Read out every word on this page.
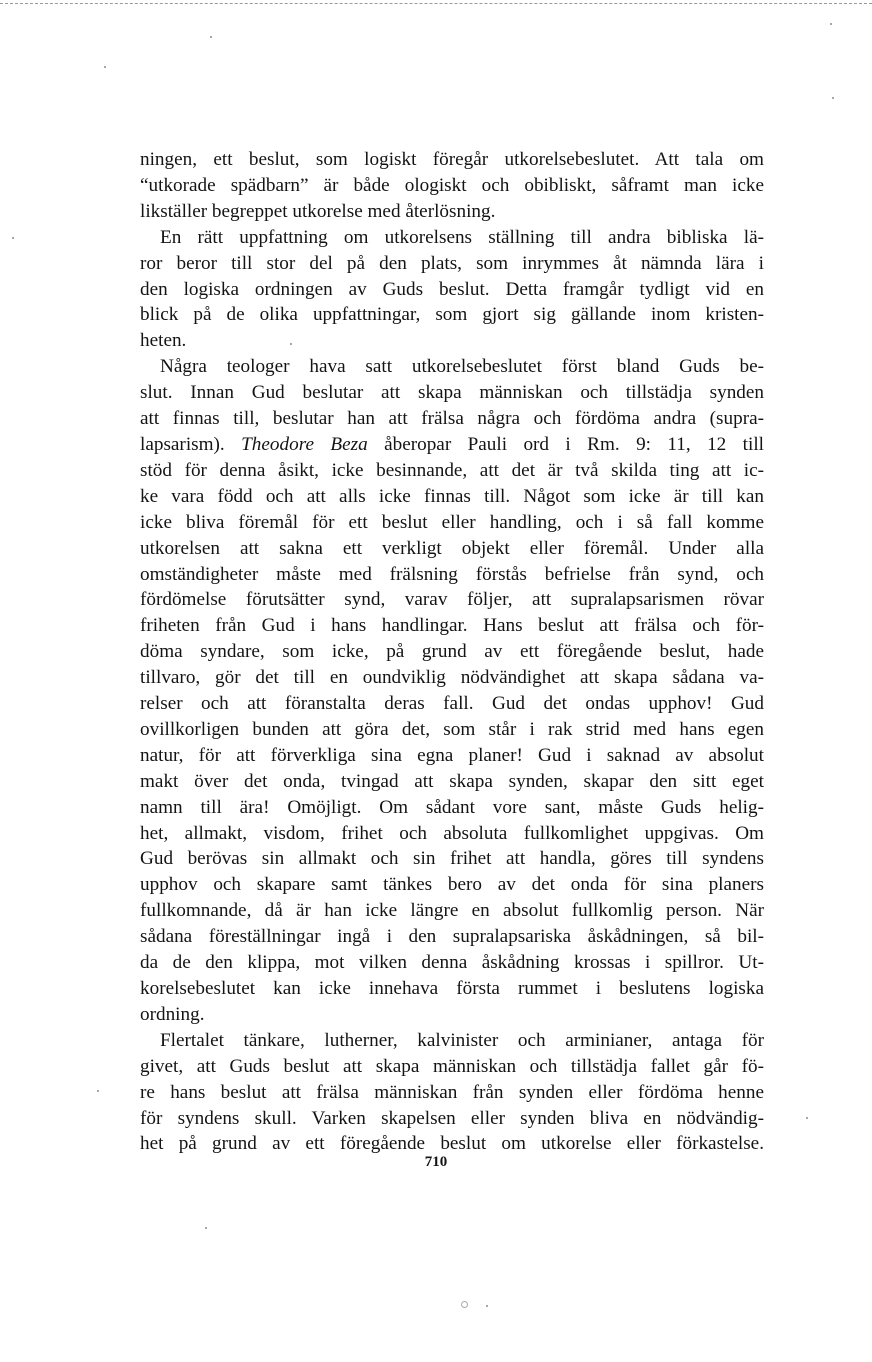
ningen, ett beslut, som logiskt föregår utkorelsebeslutet. Att tala om
“utkorade spädbarn” är både ologiskt och obibliskt, såframt man icke
likställer begreppet utkorelse med återlösning.
En rätt uppfattning om utkorelsens ställning till andra bibliska lä-
ror beror till stor del på den plats, som inrymmes åt nämnda lära i
den logiska ordningen av Guds beslut. Detta framgår tydligt vid en
blick på de olika uppfattningar, som gjort sig gällande inom kristen-
heten.
Några teologer hava satt utkorelsebeslutet först bland Guds be-
slut. Innan Gud beslutar att skapa människan och tillstädja synden
att finnas till, beslutar han att frälsa några och fördöma andra (supra-
lapsarism). Theodore Beza åberopar Pauli ord i Rm. 9: 11, 12 till
stöd för denna åsikt, icke besinnande, att det är två skilda ting att ic-
ke vara född och att alls icke finnas till. Något som icke är till kan
icke bliva föremål för ett beslut eller handling, och i så fall komme
utkorelsen att sakna ett verkligt objekt eller föremål. Under alla
omständigheter måste med frälsning förstås befrielse från synd, och
fördömelse förutsätter synd, varav följer, att supralapsarismen rövar
friheten från Gud i hans handlingar. Hans beslut att frälsa och för-
döma syndare, som icke, på grund av ett föregående beslut, hade
tillvaro, gör det till en oundviklig nödvändighet att skapa sådana va-
relser och att föranstalta deras fall. Gud det ondas upphov! Gud
ovillkorligen bunden att göra det, som står i rak strid med hans egen
natur, för att förverkliga sina egna planer! Gud i saknad av absolut
makt över det onda, tvingad att skapa synden, skapar den sitt eget
namn till ära! Omöjligt. Om sådant vore sant, måste Guds helig-
het, allmakt, visdom, frihet och absoluta fullkomlighet uppgivas. Om
Gud berövas sin allmakt och sin frihet att handla, göres till syndens
upphov och skapare samt tänkes bero av det onda för sina planers
fullkomnande, då är han icke längre en absolut fullkomlig person. När
sådana föreställningar ingå i den supralapsariska åskådningen, så bil-
da de den klippa, mot vilken denna åskådning krossas i spillror. Ut-
korelsebeslutet kan icke innehava första rummet i beslutens logiska
ordning.
Flertalet tänkare, lutherner, kalvinister och arminianer, antaga för
givet, att Guds beslut att skapa människan och tillstädja fallet går fö-
re hans beslut att frälsa människan från synden eller fördöma henne
för syndens skull. Varken skapelsen eller synden bliva en nödvändig-
het på grund av ett föregående beslut om utkorelse eller förkastelse.
710
